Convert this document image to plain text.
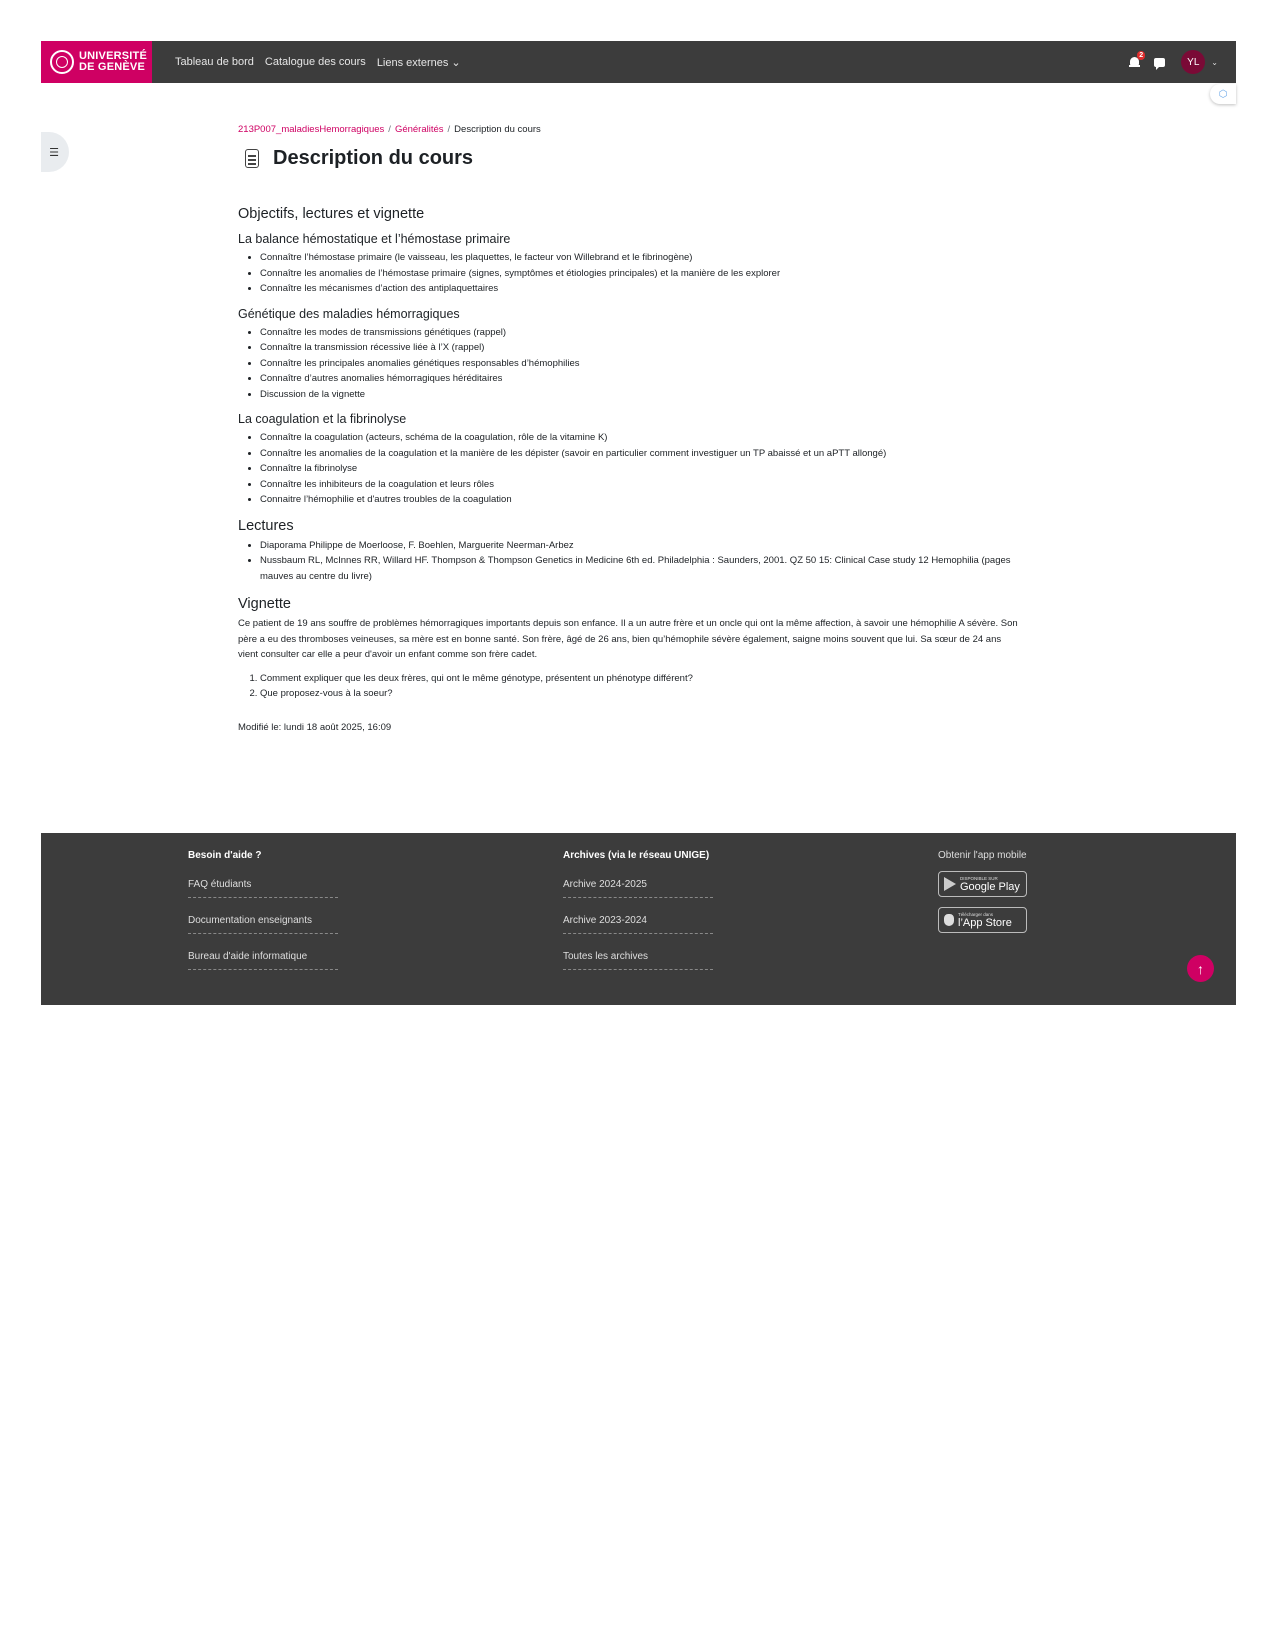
UNIVERSITÉ
DE GENÈVE	Tableau de bord Catalogue des cours Liens externes ⌄
2
YL	⌄
⬡
☰
213P007_maladiesHemorragiques / Généralités / Description du cours
Description du cours
Objectifs, lectures et vignette
La balance hémostatique et l’hémostase primaire
• Connaître l’hémostase primaire (le vaisseau, les plaquettes, le facteur von Willebrand et le fibrinogène)
• Connaître les anomalies de l’hémostase primaire (signes, symptômes et étiologies principales) et la manière de les explorer
• Connaître les mécanismes d’action des antiplaquettaires
Génétique des maladies hémorragiques
• Connaître les modes de transmissions génétiques (rappel)
• Connaître la transmission récessive liée à l’X (rappel)
• Connaître les principales anomalies génétiques responsables d’hémophilies
• Connaître d’autres anomalies hémorragiques héréditaires
• Discussion de la vignette
La coagulation et la fibrinolyse
• Connaître la coagulation (acteurs, schéma de la coagulation, rôle de la vitamine K)
• Connaître les anomalies de la coagulation et la manière de les dépister (savoir en particulier comment investiguer un TP abaissé et un aPTT allongé)
• Connaître la fibrinolyse
• Connaître les inhibiteurs de la coagulation et leurs rôles
• Connaitre l’hémophilie et d'autres troubles de la coagulation
Lectures
• Diaporama Philippe de Moerloose, F. Boehlen, Marguerite Neerman-Arbez
• Nussbaum RL, McInnes RR, Willard HF. Thompson & Thompson Genetics in Medicine 6th ed. Philadelphia : Saunders, 2001. QZ 50 15: Clinical Case study 12 Hemophilia (pages mauves au centre du livre)
Vignette

Ce patient de 19 ans souffre de problèmes hémorragiques importants depuis son enfance. Il a un autre frère et un oncle qui ont la même affection, à savoir une hémophilie A sévère. Son père a eu des thromboses veineuses, sa mère est en bonne santé. Son frère, âgé de 26 ans, bien qu’hémophile sévère également, saigne moins souvent que lui. Sa sœur de 24 ans vient consulter car elle a peur d'avoir un enfant comme son frère cadet.

1. Comment expliquer que les deux frères, qui ont le même génotype, présentent un phénotype différent?
2. Que proposez-vous à la soeur?
Modifié le: lundi 18 août 2025, 16:09
Besoin d'aide ?
FAQ étudiants
Documentation enseignants
Bureau d'aide informatique
Archives (via le réseau UNIGE)
Archive 2024-2025
Archive 2023-2024
Toutes les archives
Obtenir l'app mobile
DISPONIBLE SUR
Google Play
Télécharger dans
l’App Store
↑
